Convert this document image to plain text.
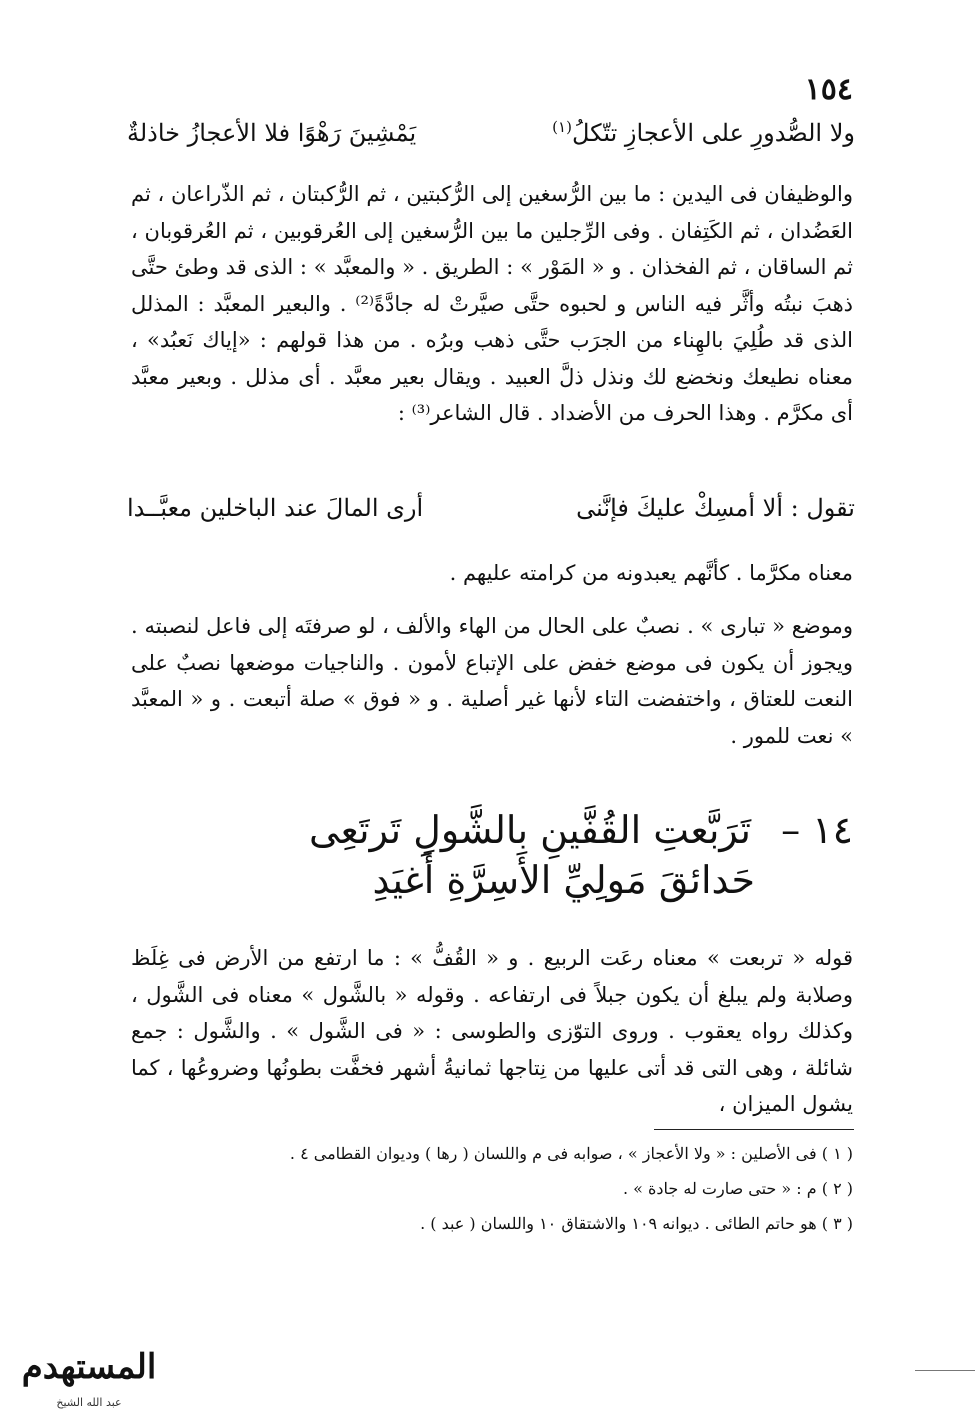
١٥٤
ولا الصُّدورِ على الأعجازِ تتّكلُ$^{(١)}$
يَمْشِينَ رَهْوًا فلا الأعجازُ خاذلةٌ
والوظيفان فى اليدين : ما بين الرُّسغين إلى الرُّكبتين ، ثم الرُّكبتان ، ثم الذّراعان ، ثم العَضُدان ، ثم الكَتِفان . وفى الرِّجلين ما بين الرُّسغين إلى العُرقوبين ، ثم العُرقوبان ، ثم الساقان ، ثم الفخذان . و « المَوْر » : الطريق . « والمعبَّد » : الذى قد وطئ حتَّى ذهبَ نبتُه وأثَّر فيه الناس و لحبوه حتَّى صيَّرتْ له جادَّةً⁽²⁾ . والبعير المعبَّد : المذلل الذى قد طُلِيَ بالهِناء من الجرَب حتَّى ذهب وبرُه . من هذا قولهم : «إياك نَعبُد» ، معناه نطيعك ونخضع لك ونذل ذلَّ العبيد . ويقال بعير معبَّد . أى مذلل . وبعير معبَّد أى مكرَّم . وهذا الحرف من الأضداد . قال الشاعر⁽³⁾ :
تقول : ألا أمسِكْ عليكَ فإنَّنى
أرى المالَ عند الباخلين معبَّــدا
معناه مكرَّما . كأنَّهم يعبدونه من كرامته عليهم .
وموضع « تبارى » . نصبٌ على الحال من الهاء والألف ، لو صرفتَه إلى فاعل لنصبته . ويجوز أن يكون فى موضع خفض على الإتباع لأمون . والناجيات موضعها نصبٌ على النعت للعتاق ، واختفضت التاء لأنها غير أصلية . و « فوق » صلة أتبعت . و « المعبَّد » نعت للمور .
١٤ – تَرَبَّعتِ القُفَّينِ بالشَّولِ تَرتَعِى
حَدائقَ مَولِيِّ الأَسِرَّةِ أَغيَدِ
قوله « تربعت » معناه رعَت الربيع . و « القُفُّ » : ما ارتفع من الأرض فى غِلَظ وصلابة ولم يبلغ أن يكون جبلاً فى ارتفاعه . وقوله « بالشَّول » معناه فى الشَّول ، وكذلك رواه يعقوب . وروى التوّزى والطوسى : « فى الشَّول » . والشَّول : جمع شائلة ، وهى التى قد أتى عليها من نِتاجها ثمانيةُ أشهر فخفَّت بطونُها وضروعُها ، كما يشول الميزان ،
( ١ ) فى الأصلين : « ولا الأعجاز » ، صوابه فى م واللسان ( رها ) وديوان القطامى ٤ .
( ٢ ) م : « حتى صارت له جادة » .
( ٣ ) هو حاتم الطائى . ديوانه ١٠٩ والاشتقاق ١٠ واللسان ( عبد ) .
المستهدم
عبد الله الشيخ
